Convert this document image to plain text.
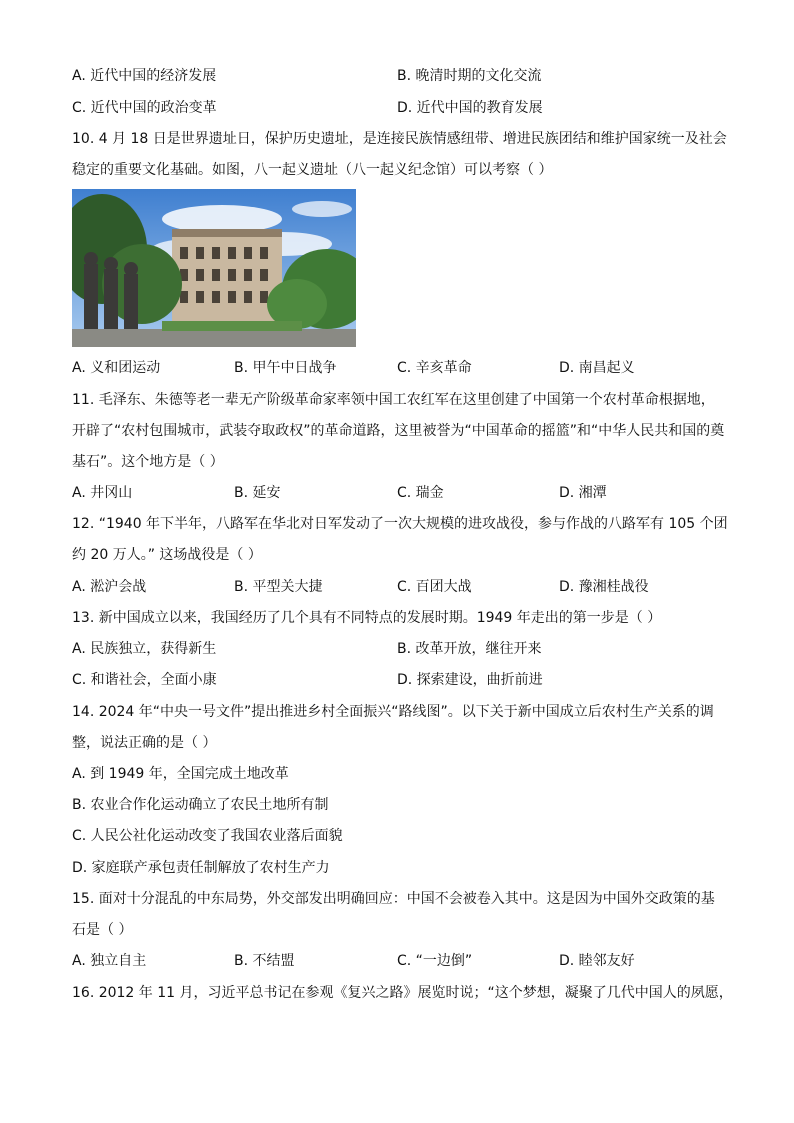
A. 近代中国的经济发展	B. 晚清时期的文化交流
C. 近代中国的政治变革	D. 近代中国的教育发展
10. 4 月 18 日是世界遗址日，保护历史遗址，是连接民族情感纽带、增进民族团结和维护国家统一及社会
稳定的重要文化基础。如图，八一起义遗址（八一起义纪念馆）可以考察（ ）
A. 义和团运动	B. 甲午中日战争	C. 辛亥革命	D. 南昌起义
11. 毛泽东、朱德等老一辈无产阶级革命家率领中国工农红军在这里创建了中国第一个农村革命根据地，
开辟了“农村包围城市，武装夺取政权”的革命道路，这里被誉为“中国革命的摇篮”和“中华人民共和国的奠
基石”。这个地方是（ ）
A. 井冈山	B. 延安	C. 瑞金	D. 湘潭
12. “1940 年下半年，八路军在华北对日军发动了一次大规模的进攻战役，参与作战的八路军有 105 个团
约 20 万人。” 这场战役是（ ）
A. 淞沪会战	B. 平型关大捷	C. 百团大战	D. 豫湘桂战役
13. 新中国成立以来，我国经历了几个具有不同特点的发展时期。1949 年走出的第一步是（ ）
A. 民族独立，获得新生	B. 改革开放，继往开来
C. 和谐社会，全面小康	D. 探索建设，曲折前进
14. 2024 年“中央一号文件”提出推进乡村全面振兴“路线图”。以下关于新中国成立后农村生产关系的调
整，说法正确的是（ ）
A. 到 1949 年，全国完成土地改革
B. 农业合作化运动确立了农民土地所有制
C. 人民公社化运动改变了我国农业落后面貌
D. 家庭联产承包责任制解放了农村生产力
15. 面对十分混乱的中东局势，外交部发出明确回应：中国不会被卷入其中。这是因为中国外交政策的基
石是（ ）
A. 独立自主	B. 不结盟	C. “一边倒”	D. 睦邻友好
16. 2012 年 11 月，习近平总书记在参观《复兴之路》展览时说；“这个梦想，凝聚了几代中国人的夙愿，
